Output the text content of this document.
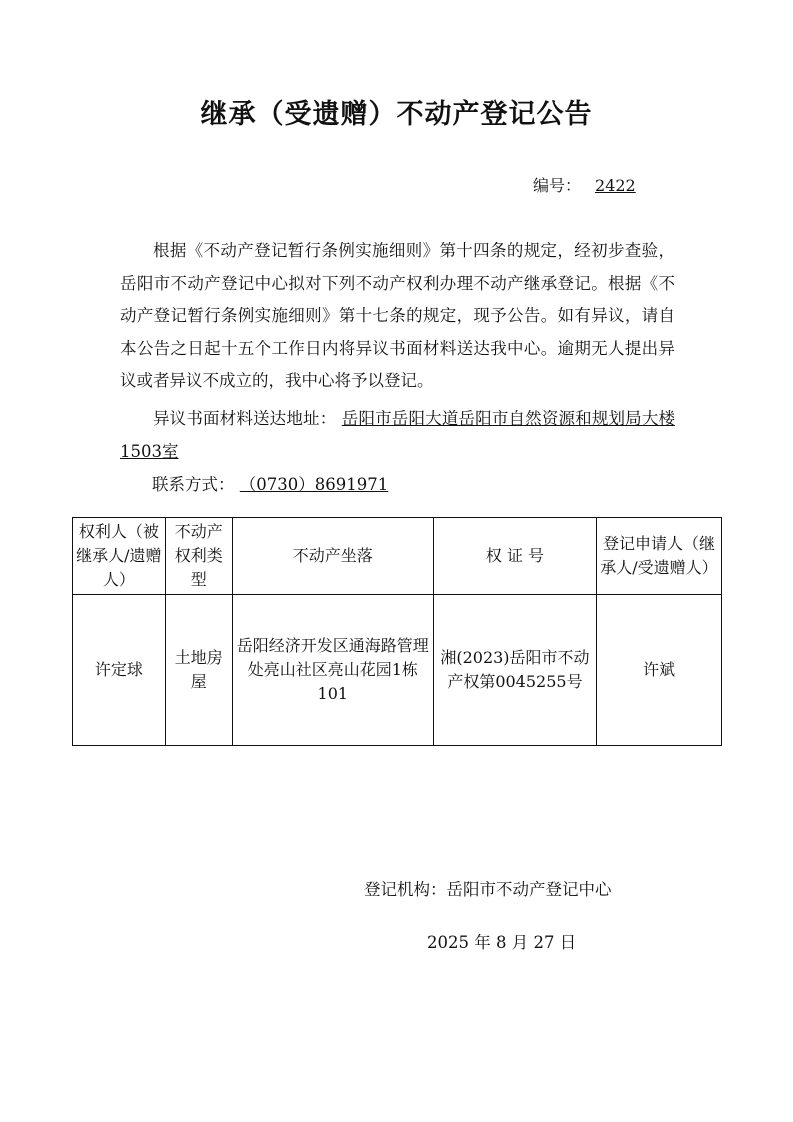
继承（受遗赠）不动产登记公告
编号： 2422
根据《不动产登记暂行条例实施细则》第十四条的规定，经初步查验，岳阳市不动产登记中心拟对下列不动产权利办理不动产继承登记。根据《不动产登记暂行条例实施细则》第十七条的规定，现予公告。如有异议，请自本公告之日起十五个工作日内将异议书面材料送达我中心。逾期无人提出异议或者异议不成立的，我中心将予以登记。
异议书面材料送达地址： 岳阳市岳阳大道岳阳市自然资源和规划局大楼1503室
联系方式： （0730）8691971
权利人（被继承人/遗赠人）	不动产权利类型	不动产坐落	权 证 号	登记申请人（继承人/受遗赠人）
许定球	土地房屋	岳阳经济开发区通海路管理处亮山社区亮山花园1栋101	湘(2023)岳阳市不动产权第0045255号	许斌
登记机构：岳阳市不动产登记中心
2025 年 8 月 27 日
